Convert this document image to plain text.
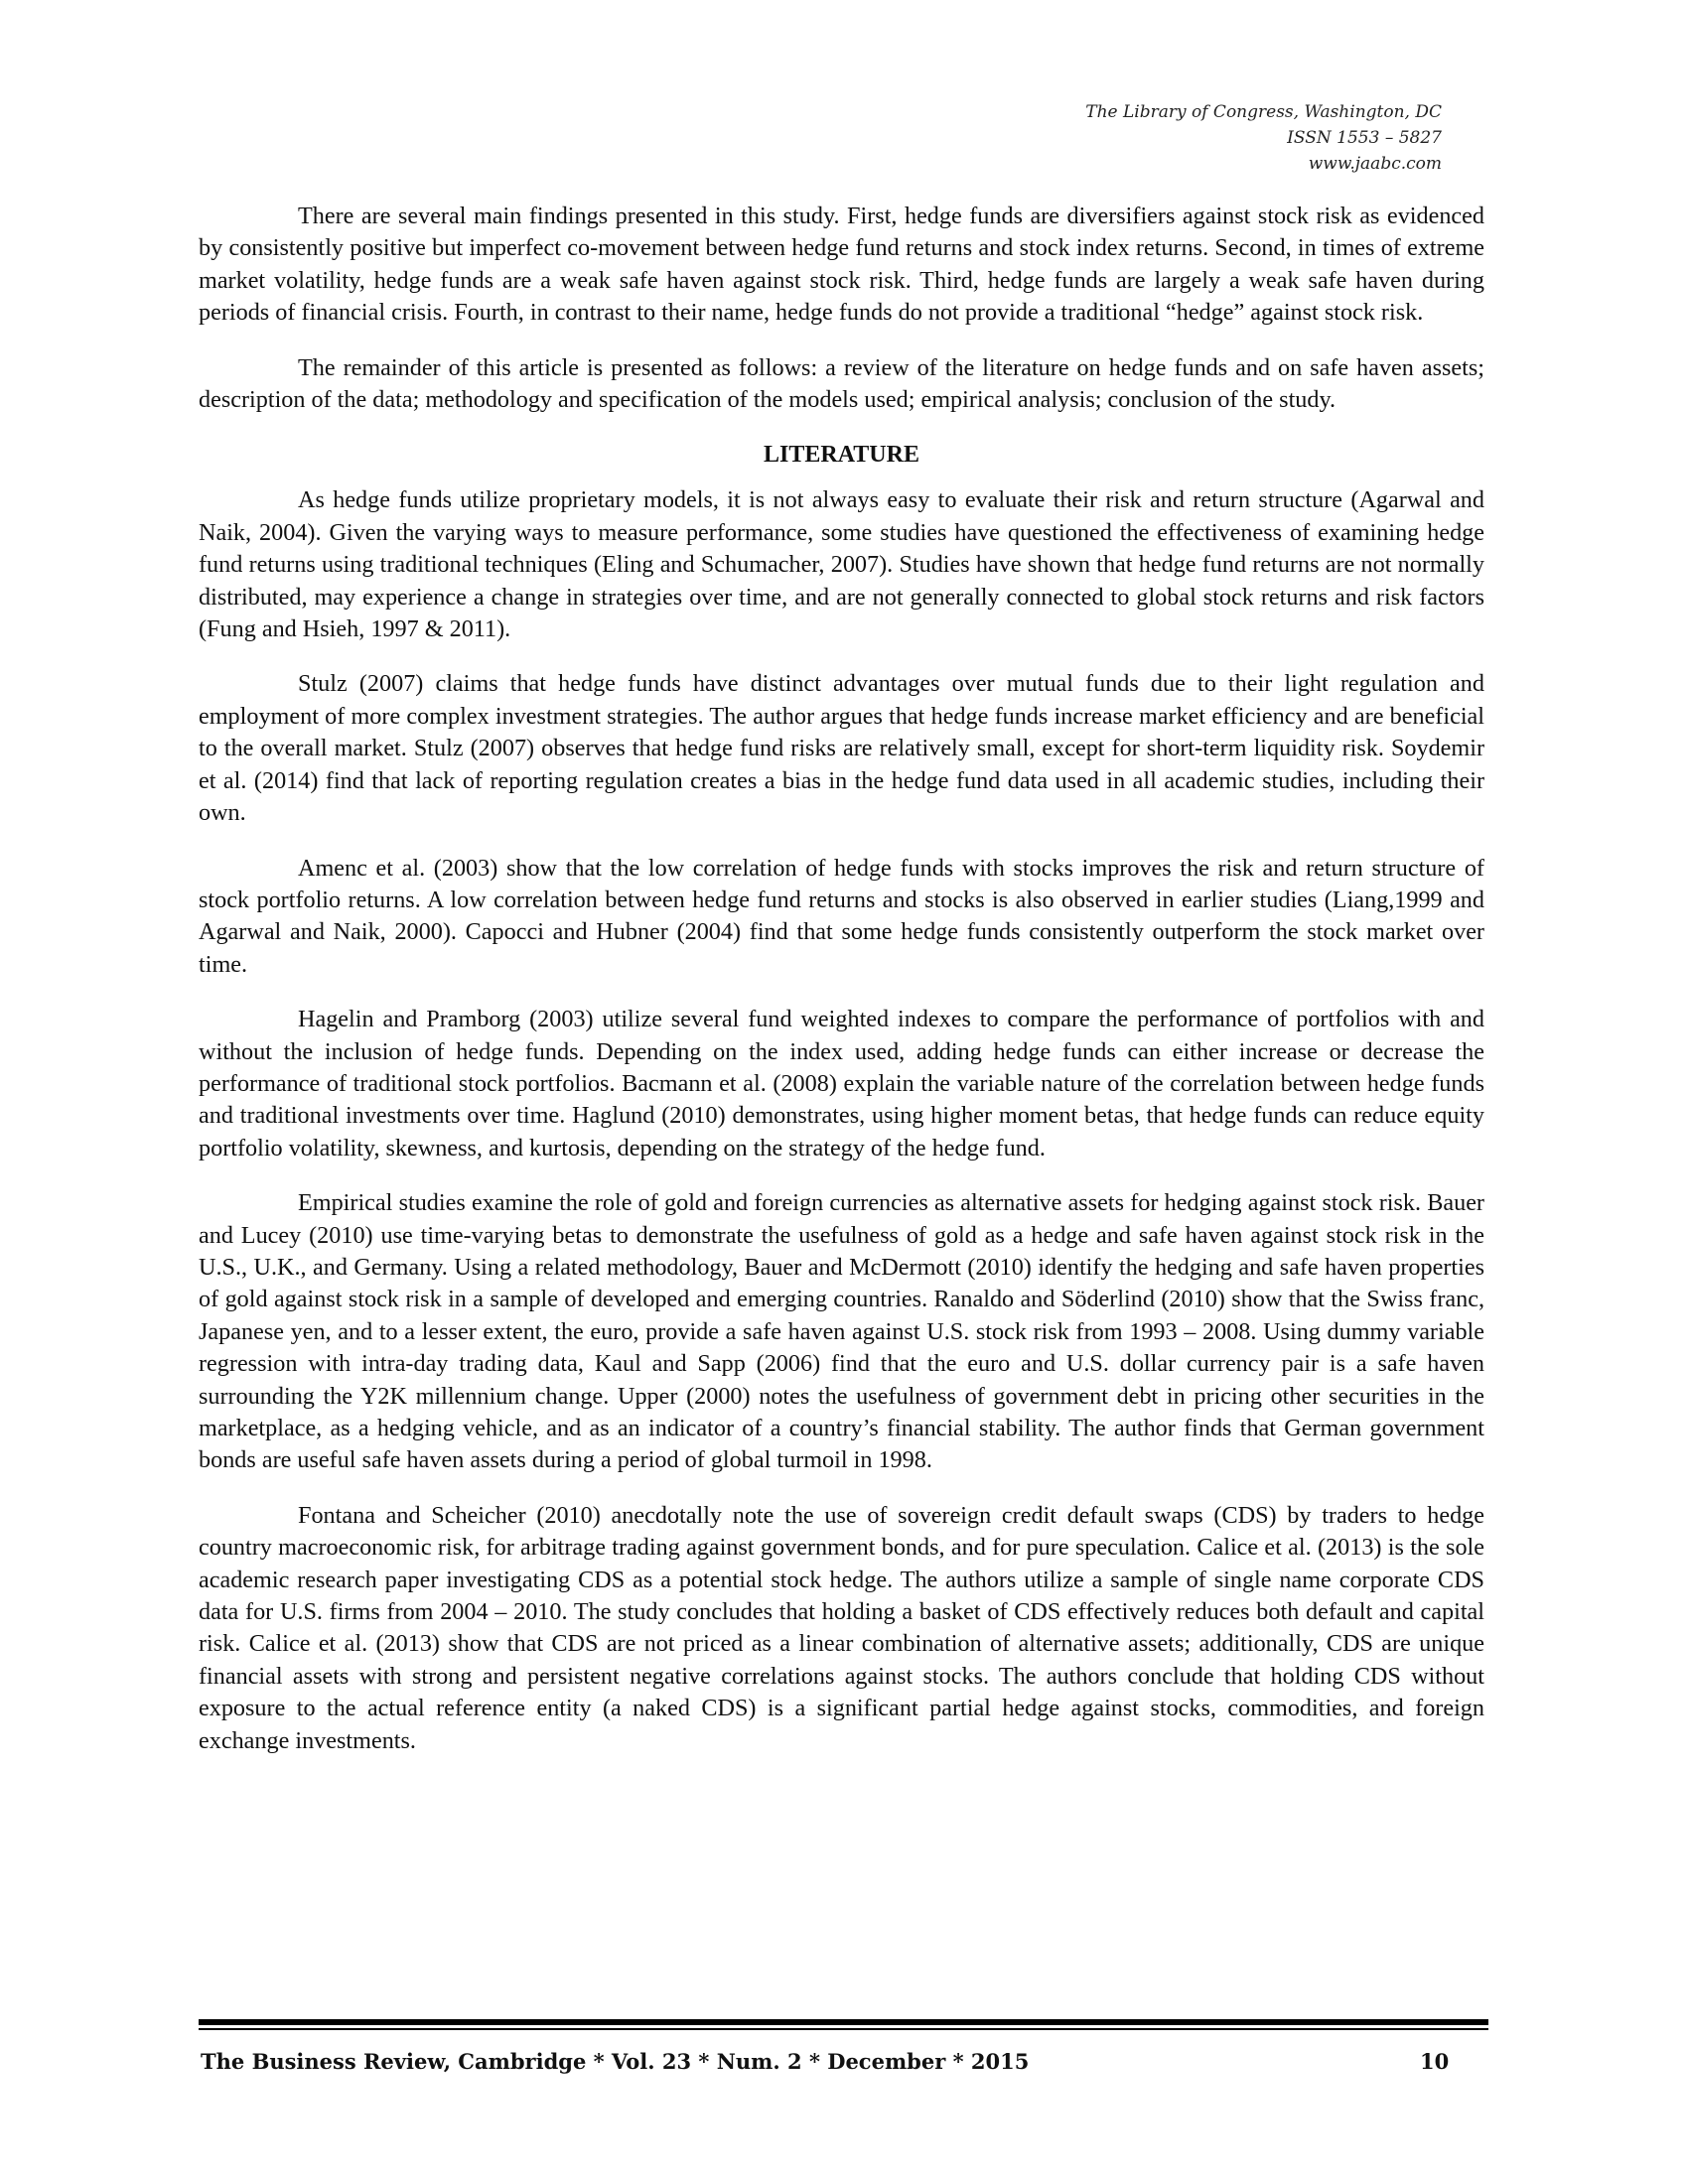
The Library of Congress, Washington, DC
ISSN 1553 – 5827
www.jaabc.com

There are several main findings presented in this study. First, hedge funds are diversifiers against stock risk as evidenced by consistently positive but imperfect co-movement between hedge fund returns and stock index returns. Second, in times of extreme market volatility, hedge funds are a weak safe haven against stock risk. Third, hedge funds are largely a weak safe haven during periods of financial crisis. Fourth, in contrast to their name, hedge funds do not provide a traditional “hedge” against stock risk.

The remainder of this article is presented as follows: a review of the literature on hedge funds and on safe haven assets; description of the data; methodology and specification of the models used; empirical analysis; conclusion of the study.

LITERATURE

As hedge funds utilize proprietary models, it is not always easy to evaluate their risk and return structure (Agarwal and Naik, 2004). Given the varying ways to measure performance, some studies have questioned the effectiveness of examining hedge fund returns using traditional techniques (Eling and Schumacher, 2007). Studies have shown that hedge fund returns are not normally distributed, may experience a change in strategies over time, and are not generally connected to global stock returns and risk factors (Fung and Hsieh, 1997 & 2011).

Stulz (2007) claims that hedge funds have distinct advantages over mutual funds due to their light regulation and employment of more complex investment strategies. The author argues that hedge funds increase market efficiency and are beneficial to the overall market. Stulz (2007) observes that hedge fund risks are relatively small, except for short-term liquidity risk. Soydemir et al. (2014) find that lack of reporting regulation creates a bias in the hedge fund data used in all academic studies, including their own.

Amenc et al. (2003) show that the low correlation of hedge funds with stocks improves the risk and return structure of stock portfolio returns. A low correlation between hedge fund returns and stocks is also observed in earlier studies (Liang,1999 and Agarwal and Naik, 2000). Capocci and Hubner (2004) find that some hedge funds consistently outperform the stock market over time.

Hagelin and Pramborg (2003) utilize several fund weighted indexes to compare the performance of portfolios with and without the inclusion of hedge funds. Depending on the index used, adding hedge funds can either increase or decrease the performance of traditional stock portfolios. Bacmann et al. (2008) explain the variable nature of the correlation between hedge funds and traditional investments over time. Haglund (2010) demonstrates, using higher moment betas, that hedge funds can reduce equity portfolio volatility, skewness, and kurtosis, depending on the strategy of the hedge fund.

Empirical studies examine the role of gold and foreign currencies as alternative assets for hedging against stock risk. Bauer and Lucey (2010) use time-varying betas to demonstrate the usefulness of gold as a hedge and safe haven against stock risk in the U.S., U.K., and Germany. Using a related methodology, Bauer and McDermott (2010) identify the hedging and safe haven properties of gold against stock risk in a sample of developed and emerging countries. Ranaldo and Söderlind (2010) show that the Swiss franc, Japanese yen, and to a lesser extent, the euro, provide a safe haven against U.S. stock risk from 1993 – 2008. Using dummy variable regression with intra-day trading data, Kaul and Sapp (2006) find that the euro and U.S. dollar currency pair is a safe haven surrounding the Y2K millennium change. Upper (2000) notes the usefulness of government debt in pricing other securities in the marketplace, as a hedging vehicle, and as an indicator of a country’s financial stability. The author finds that German government bonds are useful safe haven assets during a period of global turmoil in 1998.

Fontana and Scheicher (2010) anecdotally note the use of sovereign credit default swaps (CDS) by traders to hedge country macroeconomic risk, for arbitrage trading against government bonds, and for pure speculation. Calice et al. (2013) is the sole academic research paper investigating CDS as a potential stock hedge. The authors utilize a sample of single name corporate CDS data for U.S. firms from 2004 – 2010. The study concludes that holding a basket of CDS effectively reduces both default and capital risk. Calice et al. (2013) show that CDS are not priced as a linear combination of alternative assets; additionally, CDS are unique financial assets with strong and persistent negative correlations against stocks. The authors conclude that holding CDS without exposure to the actual reference entity (a naked CDS) is a significant partial hedge against stocks, commodities, and foreign exchange investments.

The Business Review, Cambridge * Vol. 23 * Num. 2 * December * 2015	10
